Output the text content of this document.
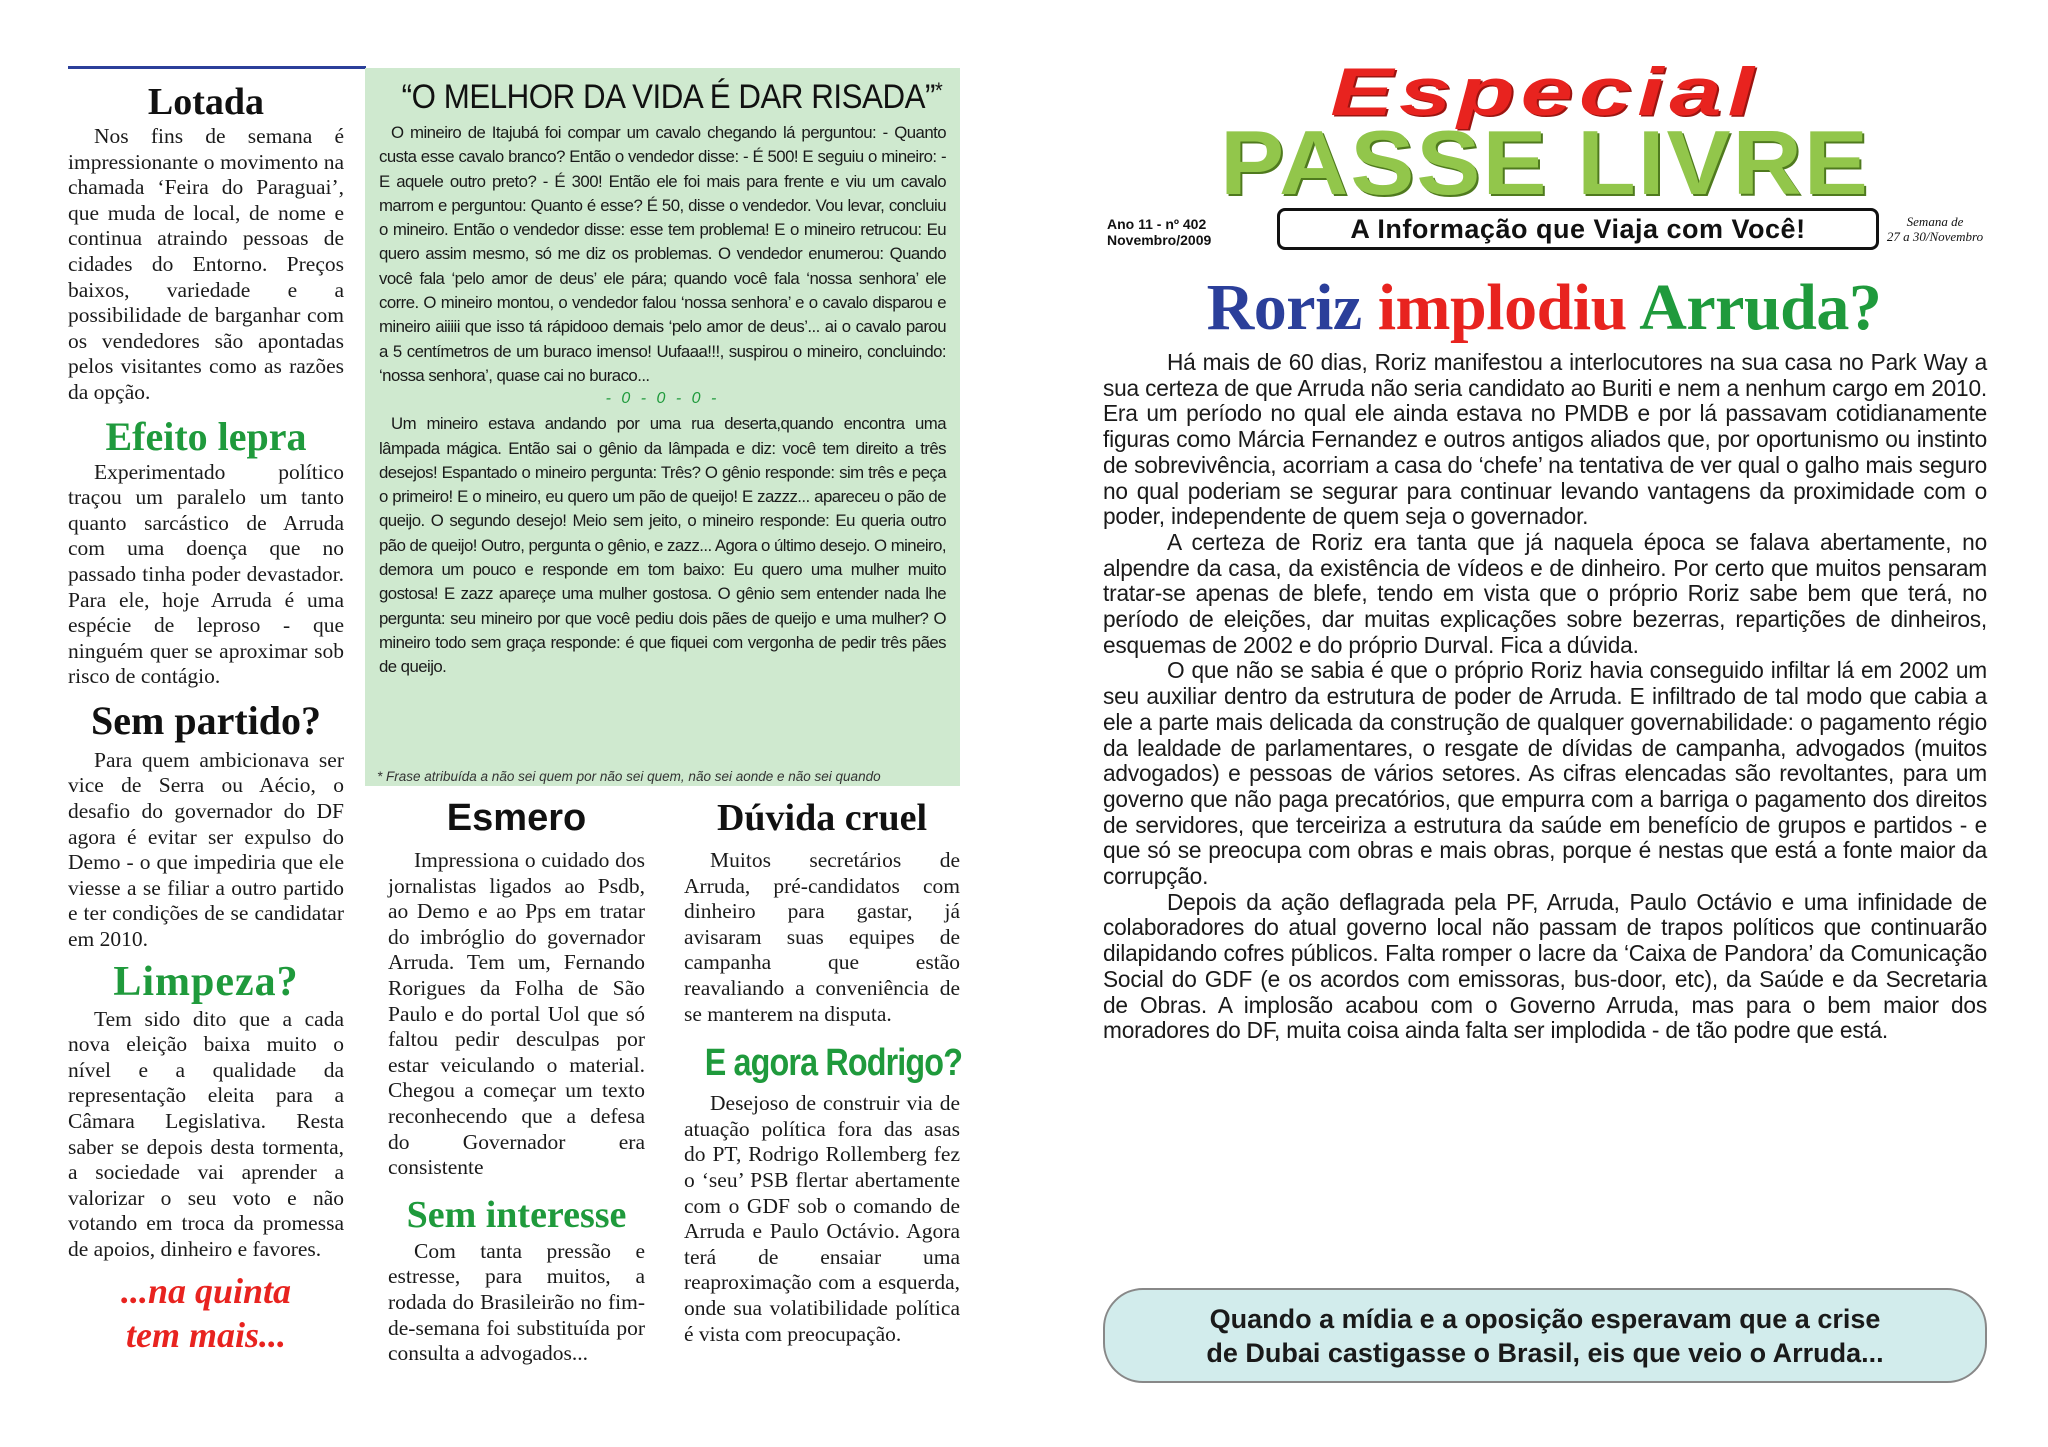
Lotada

Nos fins de semana é impressionante o movimento na chamada ‘Feira do Paraguai’, que muda de local, de nome e continua atraindo pessoas de cidades do Entorno. Preços baixos, variedade e a possibilidade de barganhar com os vendedores são apontadas pelos visitantes como as razões da opção.

Efeito lepra

Experimentado político traçou um paralelo um tanto quanto sarcástico de Arruda com uma doença que no passado tinha poder devastador. Para ele, hoje Arruda é uma espécie de leproso - que ninguém quer se aproximar sob risco de contágio.

Sem partido?

Para quem ambicionava ser vice de Serra ou Aécio, o desafio do governador do DF agora é evitar ser expulso do Demo - o que impediria que ele viesse a se filiar a outro partido e ter condições de se candidatar em 2010.

Limpeza?

Tem sido dito que a cada nova eleição baixa muito o nível e a qualidade da representação eleita para a Câmara Legislativa. Resta saber se depois desta tormenta, a sociedade vai aprender a valorizar o seu voto e não votando em troca da promessa de apoios, dinheiro e favores.

...na quinta
tem mais...
“O MELHOR DA VIDA É DAR RISADA”*

O mineiro de Itajubá foi compar um cavalo chegando lá perguntou: - Quanto custa esse cavalo branco? Então o vendedor disse: - É 500! E seguiu o mineiro: - E aquele outro preto? - É 300! Então ele foi mais para frente e viu um cavalo marrom e perguntou: Quanto é esse? É 50, disse o vendedor. Vou levar, concluiu o mineiro. Então o vendedor disse: esse tem problema! E o mineiro retrucou: Eu quero assim mesmo, só me diz os problemas. O vendedor enumerou: Quando você fala ‘pelo amor de deus’ ele pára; quando você fala ‘nossa senhora’ ele corre. O mineiro montou, o vendedor falou ‘nossa senhora’ e o cavalo disparou e mineiro aiiiii que isso tá rápidooo demais ‘pelo amor de deus’... ai o cavalo parou a 5 centímetros de um buraco imenso! Uufaaa!!!, suspirou o mineiro, concluindo: ‘nossa senhora’, quase cai no buraco...

- 0 - 0 - 0 -

Um mineiro estava andando por uma rua deserta,quando encontra uma lâmpada mágica. Então sai o gênio da lâmpada e diz: você tem direito a três desejos! Espantado o mineiro pergunta: Três? O gênio responde: sim três e peça o primeiro! E o mineiro, eu quero um pão de queijo! E zazzz... apareceu o pão de queijo. O segundo desejo! Meio sem jeito, o mineiro responde: Eu queria outro pão de queijo! Outro, pergunta o gênio, e zazz... Agora o último desejo. O mineiro, demora um pouco e responde em tom baixo: Eu quero uma mulher muito gostosa! E zazz apareçe uma mulher gostosa. O gênio sem entender nada lhe pergunta: seu mineiro por que você pediu dois pães de queijo e uma mulher? O mineiro todo sem graça responde: é que fiquei com vergonha de pedir três pães de queijo.

* Frase atribuída a não sei quem por não sei quem, não sei aonde e não sei quando
Esmero

Impressiona o cuidado dos jornalistas ligados ao Psdb, ao Demo e ao Pps em tratar do imbróglio do governador Arruda. Tem um, Fernando Rorigues da Folha de São Paulo e do portal Uol que só faltou pedir desculpas por estar veiculando o material. Chegou a começar um texto reconhecendo que a defesa do Governador era consistente

Sem interesse

Com tanta pressão e estresse, para muitos, a rodada do Brasileirão no fim-de-semana foi substituída por consulta a advogados...

Dúvida cruel

Muitos secretários de Arruda, pré-candidatos com dinheiro para gastar, já avisaram suas equipes de campanha que estão reavaliando a conveniência de se manterem na disputa.

E agora Rodrigo?

Desejoso de construir via de atuação política fora das asas do PT, Rodrigo Rollemberg fez o ‘seu’ PSB flertar abertamente com o GDF sob o comando de Arruda e Paulo Octávio. Agora terá de ensaiar uma reaproximação com a esquerda, onde sua volatibilidade política é vista com preocupação.

Especial
PASSE LIVRE
Ano 11 - nº 402
Novembro/2009	A Informação que Viaja com Você!	Semana de
27 a 30/Novembro
Roriz implodiu Arruda?

Há mais de 60 dias, Roriz manifestou a interlocutores na sua casa no Park Way a sua certeza de que Arruda não seria candidato ao Buriti e nem a nenhum cargo em 2010. Era um período no qual ele ainda estava no PMDB e por lá passavam cotidianamente figuras como Márcia Fernandez e outros antigos aliados que, por oportunismo ou instinto de sobrevivência, acorriam a casa do ‘chefe’ na tentativa de ver qual o galho mais seguro no qual poderiam se segurar para continuar levando vantagens da proximidade com o poder, independente de quem seja o governador.

A certeza de Roriz era tanta que já naquela época se falava abertamente, no alpendre da casa, da existência de vídeos e de dinheiro. Por certo que muitos pensaram tratar-se apenas de blefe, tendo em vista que o próprio Roriz sabe bem que terá, no período de eleições, dar muitas explicações sobre bezerras, repartições de dinheiros, esquemas de 2002 e do próprio Durval. Fica a dúvida.

O que não se sabia é que o próprio Roriz havia conseguido infiltar lá em 2002 um seu auxiliar dentro da estrutura de poder de Arruda. E infiltrado de tal modo que cabia a ele a parte mais delicada da construção de qualquer governabilidade: o pagamento régio da lealdade de parlamentares, o resgate de dívidas de campanha, advogados (muitos advogados) e pessoas de vários setores. As cifras elencadas são revoltantes, para um governo que não paga precatórios, que empurra com a barriga o pagamento dos direitos de servidores, que terceiriza a estrutura da saúde em benefício de grupos e partidos - e que só se preocupa com obras e mais obras, porque é nestas que está a fonte maior da corrupção.

Depois da ação deflagrada pela PF, Arruda, Paulo Octávio e uma infinidade de colaboradores do atual governo local não passam de trapos políticos que continuarão dilapidando cofres públicos. Falta romper o lacre da ‘Caixa de Pandora’ da Comunicação Social do GDF (e os acordos com emissoras, bus-door, etc), da Saúde e da Secretaria de Obras. A implosão acabou com o Governo Arruda, mas para o bem maior dos moradores do DF, muita coisa ainda falta ser implodida - de tão podre que está.

Quando a mídia e a oposição esperavam que a crise
de Dubai castigasse o Brasil, eis que veio o Arruda...
